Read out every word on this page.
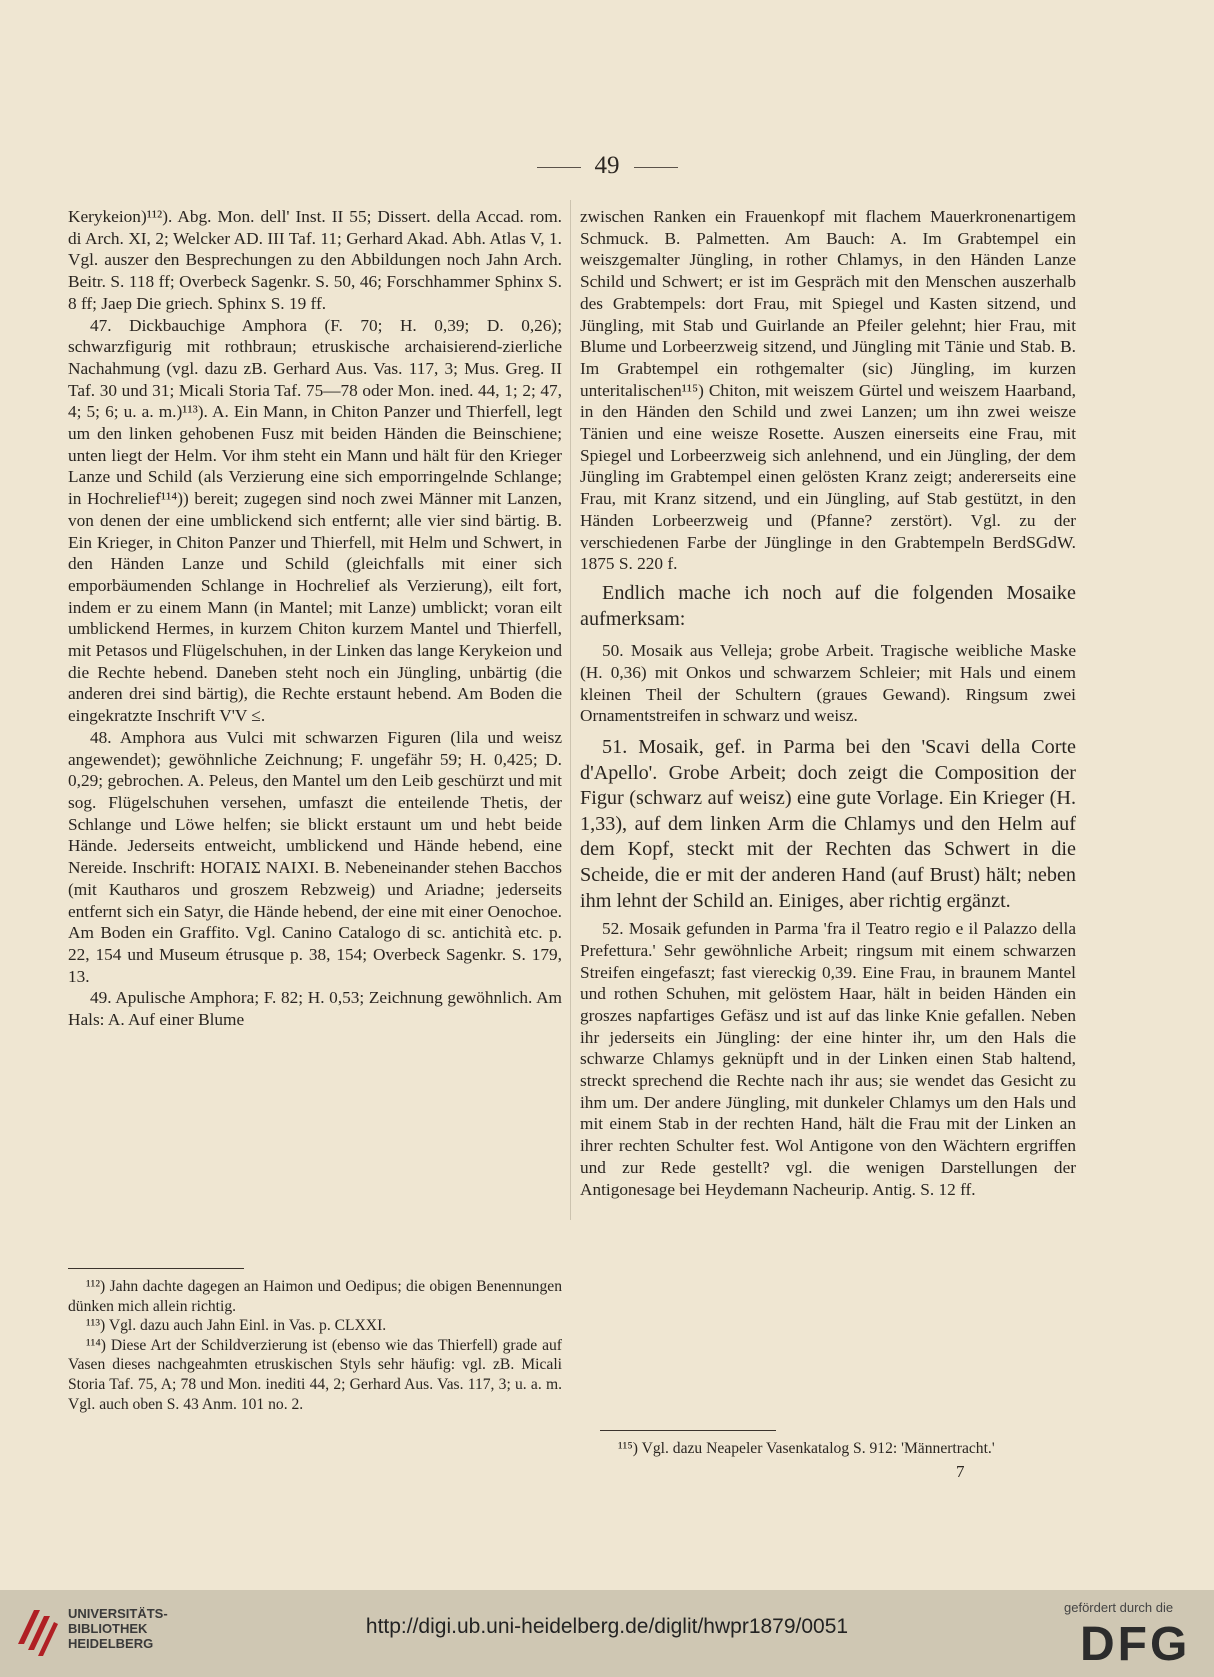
49

Kerykeion)¹¹²). Abg. Mon. dell' Inst. II 55; Dissert. della Accad. rom. di Arch. XI, 2; Welcker AD. III Taf. 11; Gerhard Akad. Abh. Atlas V, 1. Vgl. auszer den Besprechungen zu den Abbildungen noch Jahn Arch. Beitr. S. 118 ff; Overbeck Sagenkr. S. 50, 46; Forschhammer Sphinx S. 8 ff; Jaep Die griech. Sphinx S. 19 ff.

47. Dickbauchige Amphora (F. 70; H. 0,39; D. 0,26); schwarzfigurig mit rothbraun; etruskische archaisierend-zierliche Nachahmung (vgl. dazu zB. Gerhard Aus. Vas. 117, 3; Mus. Greg. II Taf. 30 und 31; Micali Storia Taf. 75—78 oder Mon. ined. 44, 1; 2; 47, 4; 5; 6; u. a. m.)¹¹³). A. Ein Mann, in Chiton Panzer und Thierfell, legt um den linken gehobenen Fusz mit beiden Händen die Beinschiene; unten liegt der Helm. Vor ihm steht ein Mann und hält für den Krieger Lanze und Schild (als Verzierung eine sich emporringelnde Schlange; in Hochrelief¹¹⁴)) bereit; zugegen sind noch zwei Männer mit Lanzen, von denen der eine umblickend sich entfernt; alle vier sind bärtig. B. Ein Krieger, in Chiton Panzer und Thierfell, mit Helm und Schwert, in den Händen Lanze und Schild (gleichfalls mit einer sich emporbäumenden Schlange in Hochrelief als Verzierung), eilt fort, indem er zu einem Mann (in Mantel; mit Lanze) umblickt; voran eilt umblickend Hermes, in kurzem Chiton kurzem Mantel und Thierfell, mit Petasos und Flügelschuhen, in der Linken das lange Kerykeion und die Rechte hebend. Daneben steht noch ein Jüngling, unbärtig (die anderen drei sind bärtig), die Rechte erstaunt hebend. Am Boden die eingekratzte Inschrift V'V ≤.

48. Amphora aus Vulci mit schwarzen Figuren (lila und weisz angewendet); gewöhnliche Zeichnung; F. ungefähr 59; H. 0,425; D. 0,29; gebrochen. A. Peleus, den Mantel um den Leib geschürzt und mit sog. Flügelschuhen versehen, umfaszt die enteilende Thetis, der Schlange und Löwe helfen; sie blickt erstaunt um und hebt beide Hände. Jederseits entweicht, umblickend und Hände hebend, eine Nereide. Inschrift: ΗΟΓΑΙΣ ΝΑΙΧΙ. B. Nebeneinander stehen Bacchos (mit Kautharos und groszem Rebzweig) und Ariadne; jederseits entfernt sich ein Satyr, die Hände hebend, der eine mit einer Oenochoe. Am Boden ein Graffito. Vgl. Canino Catalogo di sc. antichità etc. p. 22, 154 und Museum étrusque p. 38, 154; Overbeck Sagenkr. S. 179, 13.

49. Apulische Amphora; F. 82; H. 0,53; Zeichnung gewöhnlich. Am Hals: A. Auf einer Blume

zwischen Ranken ein Frauenkopf mit flachem Mauerkronenartigem Schmuck. B. Palmetten. Am Bauch: A. Im Grabtempel ein weiszgemalter Jüngling, in rother Chlamys, in den Händen Lanze Schild und Schwert; er ist im Gespräch mit den Menschen auszerhalb des Grabtempels: dort Frau, mit Spiegel und Kasten sitzend, und Jüngling, mit Stab und Guirlande an Pfeiler gelehnt; hier Frau, mit Blume und Lorbeerzweig sitzend, und Jüngling mit Tänie und Stab. B. Im Grabtempel ein rothgemalter (sic) Jüngling, im kurzen unteritalischen¹¹⁵) Chiton, mit weiszem Gürtel und weiszem Haarband, in den Händen den Schild und zwei Lanzen; um ihn zwei weisze Tänien und eine weisze Rosette. Auszen einerseits eine Frau, mit Spiegel und Lorbeerzweig sich anlehnend, und ein Jüngling, der dem Jüngling im Grabtempel einen gelösten Kranz zeigt; andererseits eine Frau, mit Kranz sitzend, und ein Jüngling, auf Stab gestützt, in den Händen Lorbeerzweig und (Pfanne? zerstört). Vgl. zu der verschiedenen Farbe der Jünglinge in den Grabtempeln BerdSGdW. 1875 S. 220 f.

Endlich mache ich noch auf die folgenden Mosaike aufmerksam:

50. Mosaik aus Velleja; grobe Arbeit. Tragische weibliche Maske (H. 0,36) mit Onkos und schwarzem Schleier; mit Hals und einem kleinen Theil der Schultern (graues Gewand). Ringsum zwei Ornamentstreifen in schwarz und weisz.

51. Mosaik, gef. in Parma bei den 'Scavi della Corte d'Apello'. Grobe Arbeit; doch zeigt die Composition der Figur (schwarz auf weisz) eine gute Vorlage. Ein Krieger (H. 1,33), auf dem linken Arm die Chlamys und den Helm auf dem Kopf, steckt mit der Rechten das Schwert in die Scheide, die er mit der anderen Hand (auf Brust) hält; neben ihm lehnt der Schild an. Einiges, aber richtig ergänzt.

52. Mosaik gefunden in Parma 'fra il Teatro regio e il Palazzo della Prefettura.' Sehr gewöhnliche Arbeit; ringsum mit einem schwarzen Streifen eingefaszt; fast viereckig 0,39. Eine Frau, in braunem Mantel und rothen Schuhen, mit gelöstem Haar, hält in beiden Händen ein groszes napfartiges Gefäsz und ist auf das linke Knie gefallen. Neben ihr jederseits ein Jüngling: der eine hinter ihr, um den Hals die schwarze Chlamys geknüpft und in der Linken einen Stab haltend, streckt sprechend die Rechte nach ihr aus; sie wendet das Gesicht zu ihm um. Der andere Jüngling, mit dunkeler Chlamys um den Hals und mit einem Stab in der rechten Hand, hält die Frau mit der Linken an ihrer rechten Schulter fest. Wol Antigone von den Wächtern ergriffen und zur Rede gestellt? vgl. die wenigen Darstellungen der Antigonesage bei Heydemann Nacheurip. Antig. S. 12 ff.

¹¹²) Jahn dachte dagegen an Haimon und Oedipus; die obigen Benennungen dünken mich allein richtig.

¹¹³) Vgl. dazu auch Jahn Einl. in Vas. p. CLXXI.

¹¹⁴) Diese Art der Schildverzierung ist (ebenso wie das Thierfell) grade auf Vasen dieses nachgeahmten etruskischen Styls sehr häufig: vgl. zB. Micali Storia Taf. 75, A; 78 und Mon. inediti 44, 2; Gerhard Aus. Vas. 117, 3; u. a. m. Vgl. auch oben S. 43 Anm. 101 no. 2.

¹¹⁵) Vgl. dazu Neapeler Vasenkatalog S. 912: 'Männertracht.'

7
UNIVERSITÄTS-
BIBLIOTHEK
HEIDELBERG
http://digi.ub.uni-heidelberg.de/diglit/hwpr1879/0051
gefördert durch die
DFG
